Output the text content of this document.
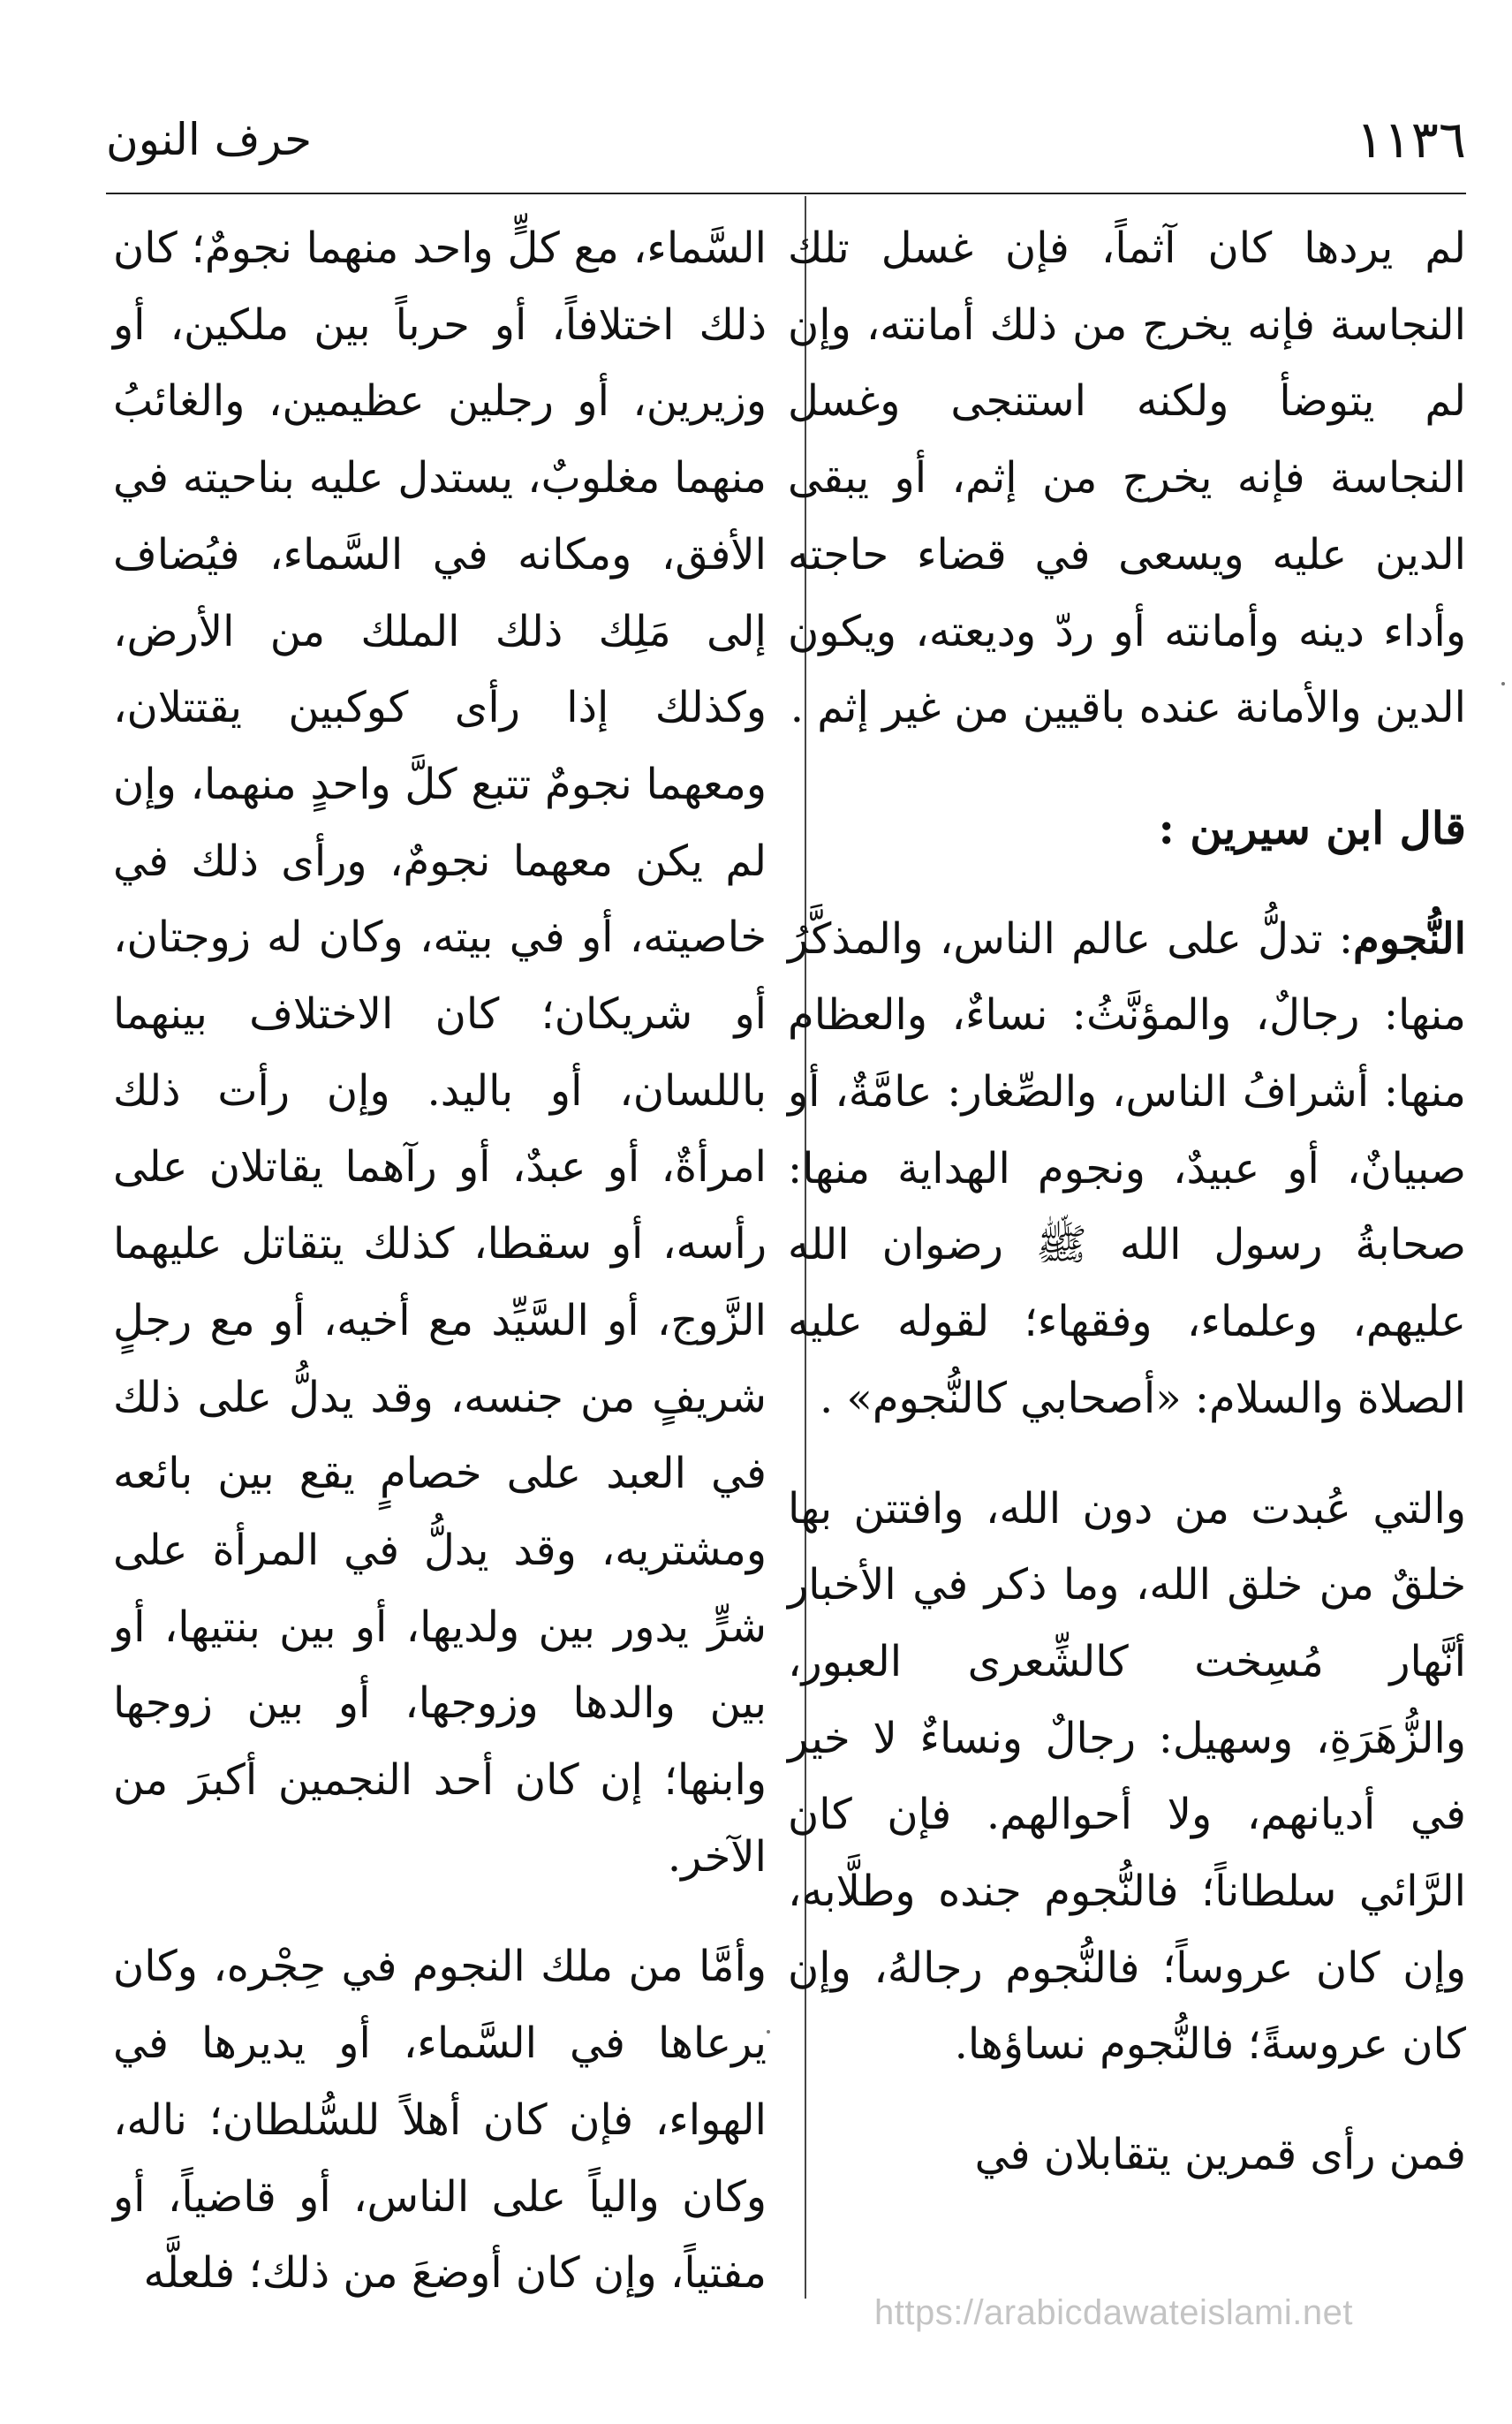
١١٣٦
حرف النون

لم يردها كان آثماً، فإن غسل تلك النجاسة فإنه يخرج من ذلك أمانته، وإن لم يتوضأ ولكنه استنجى وغسل النجاسة فإنه يخرج من إثم، أو يبقى الدين عليه ويسعى في قضاء حاجته وأداء دينه وأمانته أو ردّ وديعته، ويكون الدين والأمانة عنده باقيين من غير إثم .

قال ابن سيرين :

النُّجوم: تدلُّ على عالم الناس، والمذكَّرُ منها: رجالٌ، والمؤنَّثُ: نساءٌ، والعظام منها: أشرافُ الناس، والصِّغار: عامَّةٌ، أو صبيانٌ، أو عبيدٌ، ونجوم الهداية منها: صحابةُ رسول الله ﷺ رضوان الله عليهم، وعلماء، وفقهاء؛ لقوله عليه الصلاة والسلام: «أصحابي كالنُّجوم» .

والتي عُبدت من دون الله، وافتتن بها خلقٌ من خلق الله، وما ذكر في الأخبار أنَّهار مُسِخت كالشِّعرى العبور، والزُّهَرَةِ، وسهيل: رجالٌ ونساءٌ لا خير في أديانهم، ولا أحوالهم. فإن كان الرَّائي سلطاناً؛ فالنُّجوم جنده وطلَّابه، وإن كان عروساً؛ فالنُّجوم رجالهُ، وإن كان عروسةً؛ فالنُّجوم نساؤها.

فمن رأى قمرين يتقابلان في

السَّماء، مع كلٍّ واحد منهما نجومٌ؛ كان ذلك اختلافاً، أو حرباً بين ملكين، أو وزيرين، أو رجلين عظيمين، والغائبُ منهما مغلوبٌ، يستدل عليه بناحيته في الأفق، ومكانه في السَّماء، فيُضاف إلى مَلِك ذلك الملك من الأرض، وكذلك إذا رأى كوكبين يقتتلان، ومعهما نجومٌ تتبع كلَّ واحدٍ منهما، وإن لم يكن معهما نجومٌ، ورأى ذلك في خاصيته، أو في بيته، وكان له زوجتان، أو شريكان؛ كان الاختلاف بينهما باللسان، أو باليد. وإن رأت ذلك امرأةٌ، أو عبدٌ، أو رآهما يقاتلان على رأسه، أو سقطا، كذلك يتقاتل عليهما الزَّوج، أو السَّيِّد مع أخيه، أو مع رجلٍ شريفٍ من جنسه، وقد يدلُّ على ذلك في العبد على خصامٍ يقع بين بائعه ومشتريه، وقد يدلُّ في المرأة على شرٍّ يدور بين ولديها، أو بين بنتيها، أو بين والدها وزوجها، أو بين زوجها وابنها؛ إن كان أحد النجمين أكبرَ من الآخر.

وأمَّا من ملك النجوم في حِجْره، وكان يرعاها في السَّماء، أو يديرها في الهواء، فإن كان أهلاً للسُّلطان؛ ناله، وكان والياً على الناس، أو قاضياً، أو مفتياً، وإن كان أوضعَ من ذلك؛ فلعلَّه

https://arabicdawateislami.net
